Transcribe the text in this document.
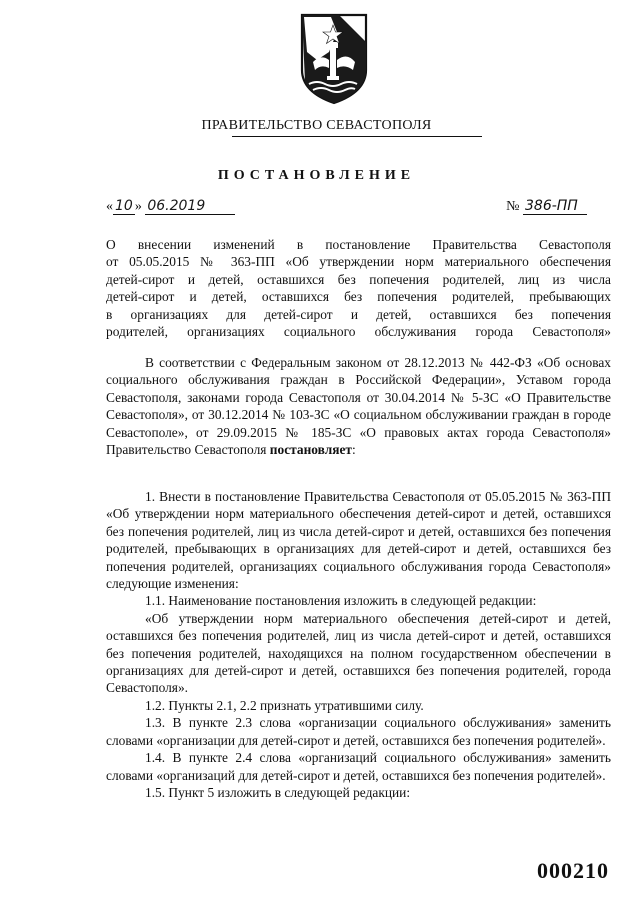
ПРАВИТЕЛЬСТВО СЕВАСТОПОЛЯ
ПОСТАНОВЛЕНИЕ
« 10 » 06.2019	№ 386-ПП
О внесении изменений в постановление Правительства Севастополя
от 05.05.2015 № 363-ПП «Об утверждении норм материального обеспечения
детей-сирот и детей, оставшихся без попечения родителей, лиц из числа
детей-сирот и детей, оставшихся без попечения родителей, пребывающих
в организациях для детей-сирот и детей, оставшихся без попечения
родителей, организациях социального обслуживания города Севастополя»

В соответствии с Федеральным законом от 28.12.2013 № 442-ФЗ «Об основах социального обслуживания граждан в Российской Федерации», Уставом города Севастополя, законами города Севастополя от 30.04.2014 № 5-ЗС «О Правительстве Севастополя», от 30.12.2014 № 103-ЗС «О социальном обслуживании граждан в городе Севастополе», от 29.09.2015 № 185-ЗС «О правовых актах города Севастополя» Правительство Севастополя постановляет:

1. Внести в постановление Правительства Севастополя от 05.05.2015 № 363-ПП «Об утверждении норм материального обеспечения детей-сирот и детей, оставшихся без попечения родителей, лиц из числа детей-сирот и детей, оставшихся без попечения родителей, пребывающих в организациях для детей-сирот и детей, оставшихся без попечения родителей, организациях социального обслуживания города Севастополя» следующие изменения:

1.1. Наименование постановления изложить в следующей редакции:

«Об утверждении норм материального обеспечения детей-сирот и детей, оставшихся без попечения родителей, лиц из числа детей-сирот и детей, оставшихся без попечения родителей, находящихся на полном государственном обеспечении в организациях для детей-сирот и детей, оставшихся без попечения родителей, города Севастополя».

1.2. Пункты 2.1, 2.2 признать утратившими силу.

1.3. В пункте 2.3 слова «организации социального обслуживания» заменить словами «организации для детей-сирот и детей, оставшихся без попечения родителей».

1.4. В пункте 2.4 слова «организаций социального обслуживания» заменить словами «организаций для детей-сирот и детей, оставшихся без попечения родителей».

1.5. Пункт 5 изложить в следующей редакции:

000210
